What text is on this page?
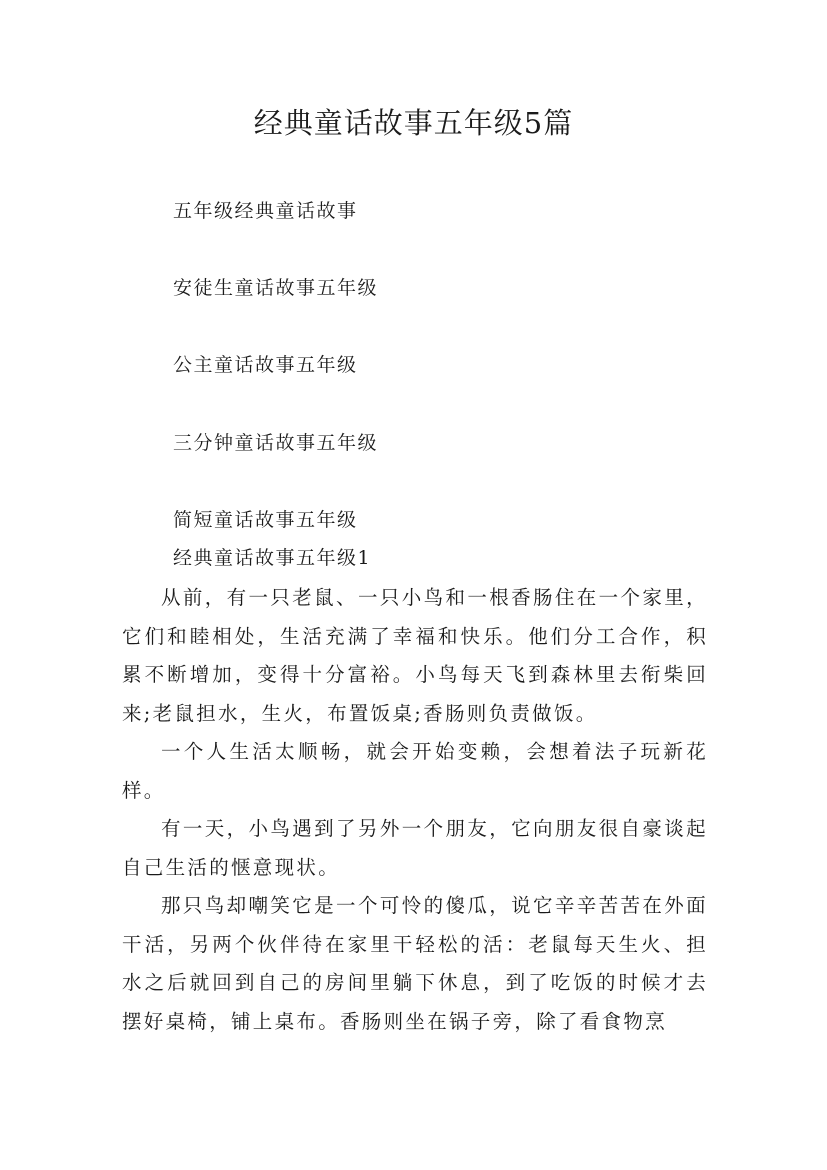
经典童话故事五年级5篇
五年级经典童话故事
安徒生童话故事五年级
公主童话故事五年级
三分钟童话故事五年级
简短童话故事五年级
经典童话故事五年级1

从前，有一只老鼠、一只小鸟和一根香肠住在一个家里，它们和睦相处，生活充满了幸福和快乐。他们分工合作，积累不断增加，变得十分富裕。小鸟每天飞到森林里去衔柴回来;老鼠担水，生火，布置饭桌;香肠则负责做饭。

一个人生活太顺畅，就会开始变赖，会想着法子玩新花样。

有一天，小鸟遇到了另外一个朋友，它向朋友很自豪谈起自己生活的惬意现状。

那只鸟却嘲笑它是一个可怜的傻瓜，说它辛辛苦苦在外面干活，另两个伙伴待在家里干轻松的活：老鼠每天生火、担水之后就回到自己的房间里躺下休息，到了吃饭的时候才去摆好桌椅，铺上桌布。香肠则坐在锅子旁，除了看食物烹
